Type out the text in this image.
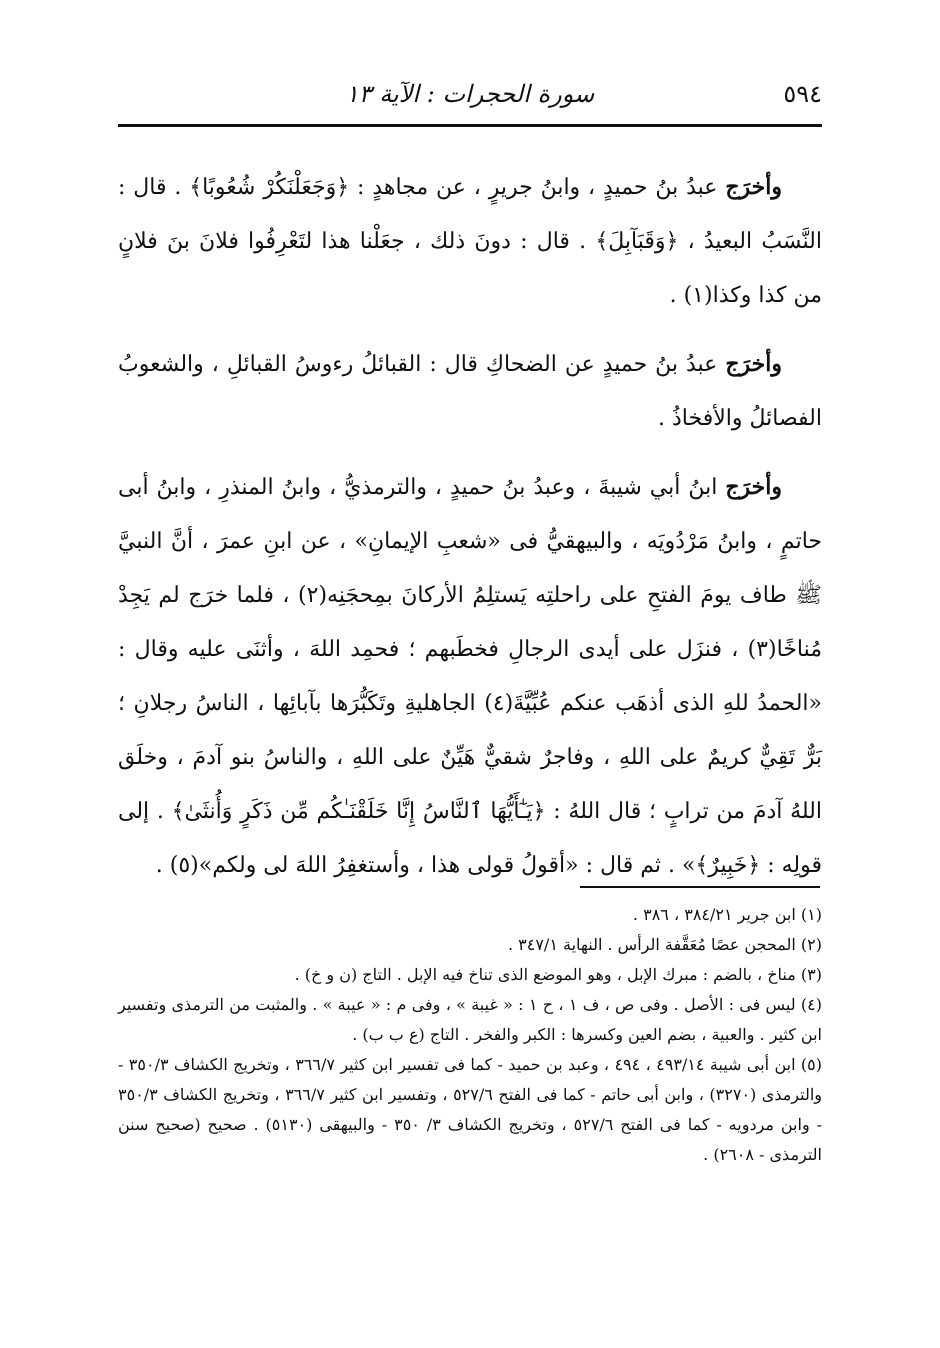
٥٩٤
سورة الحجرات : الآية ١٣

وأخرَج عبدُ بنُ حميدٍ ، وابنُ جريرٍ ، عن مجاهدٍ : ﴿وَجَعَلْنَكُرْ شُعُوبًا﴾ . قال : النَّسَبُ البعيدُ ، ﴿وَقَبَآبِلَ﴾ . قال : دونَ ذلك ، جعَلْنا هذا لتَعْرِفُوا فلانَ بنَ فلانٍ من كذا وكذا(١) .

وأخرَج عبدُ بنُ حميدٍ عن الضحاكِ قال : القبائلُ رءوسُ القبائلِ ، والشعوبُ الفصائلُ والأفخاذُ .

وأخرَج ابنُ أبي شيبةَ ، وعبدُ بنُ حميدٍ ، والترمذيُّ ، وابنُ المنذرِ ، وابنُ أبى حاتمٍ ، وابنُ مَرْدُويَه ، والبيهقيُّ فى «شعبِ الإيمانِ» ، عن ابنِ عمرَ ، أنَّ النبيَّ ﷺ طاف يومَ الفتحِ على راحلتِه يَستلِمُ الأركانَ بمِحجَنِه(٢) ، فلما خرَج لم يَجِدْ مُناخًا(٣) ، فنزَل على أيدى الرجالِ فخطَبهم ؛ فحمِد اللهَ ، وأثنَى عليه وقال : «الحمدُ للهِ الذى أذهَب عنكم عُبِّيَّةَ(٤) الجاهليةِ وتَكَبُّرَها بآبائِها ، الناسُ رجلانِ ؛ بَرٌّ تَقِيٌّ كريمٌ على اللهِ ، وفاجرٌ شقيٌّ هَيِّنٌ على اللهِ ، والناسُ بنو آدمَ ، وخلَق اللهُ آدمَ من ترابٍ ؛ قال اللهُ : ﴿يَـٰٓأَيُّهَا ٱلنَّاسُ إِنَّا خَلَقْنَـٰكُم مِّن ذَكَرٍ وَأُنثَىٰ﴾ . إلى قولِه : ﴿خَبِيرٌ﴾» . ثم قال : «أقولُ قولى هذا ، وأستغفِرُ اللهَ لى ولكم»(٥) .

(١) ابن جرير ٣٨٤/٢١ ، ٣٨٦ .

(٢) المحجن عصًا مُعَقَّفة الرأس . النهاية ٣٤٧/١ .

(٣) مناخ ، بالضم : مبرك الإبل ، وهو الموضع الذى تناخ فيه الإبل . التاج (ن و خ) .

(٤) ليس فى : الأصل . وفى ص ، ف ١ ، ح ١ : « غيبة » ، وفى م : « عيبة » . والمثبت من الترمذى وتفسير ابن كثير . والعبية ، بضم العين وكسرها : الكبر والفخر . التاج (ع ب ب) .

(٥) ابن أبى شيبة ٤٩٣/١٤ ، ٤٩٤ ، وعبد بن حميد - كما فى تفسير ابن كثير ٣٦٦/٧ ، وتخريج الكشاف ٣٥٠/٣ - والترمذى (٣٢٧٠) ، وابن أبى حاتم - كما فى الفتح ٥٢٧/٦ ، وتفسير ابن كثير ٣٦٦/٧ ، وتخريج الكشاف ٣٥٠/٣ - وابن مردويه - كما فى الفتح ٥٢٧/٦ ، وتخريج الكشاف ٣/ ٣٥٠ - والبيهقى (٥١٣٠) . صحيح (صحيح سنن الترمذى - ٢٦٠٨) .
